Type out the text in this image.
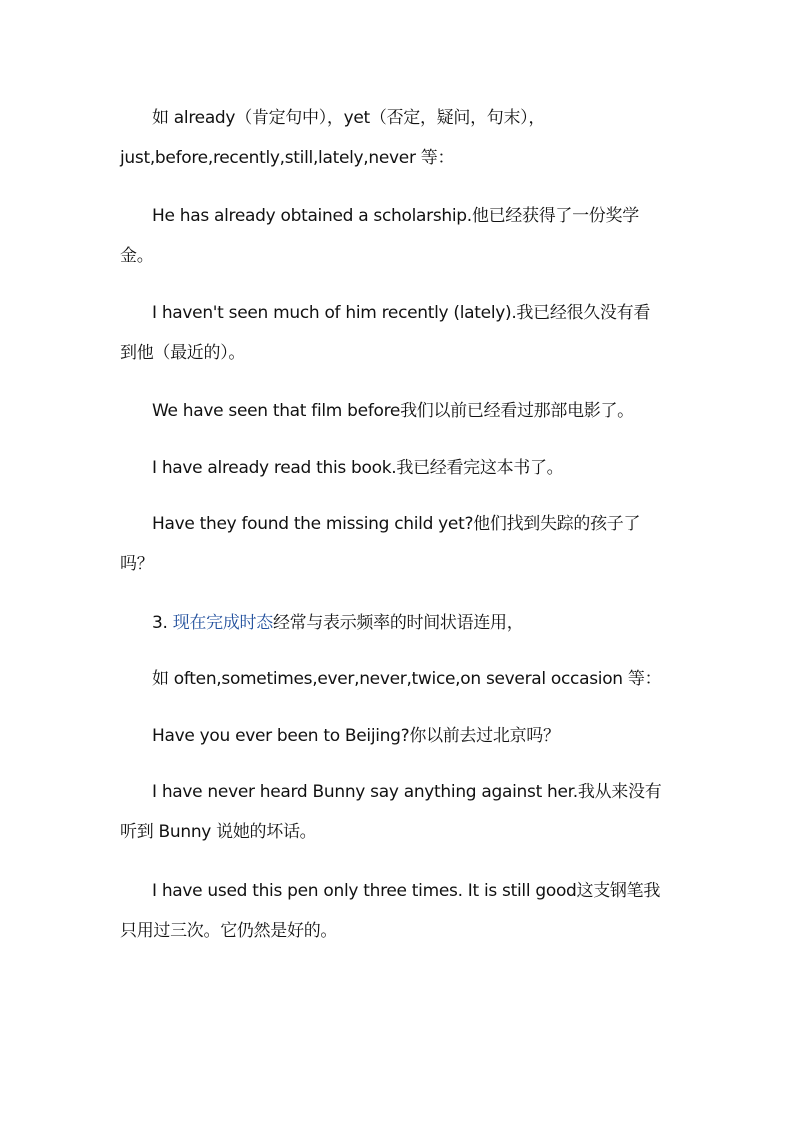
如 already（肯定句中），yet（否定，疑问，句末），
just,before,recently,still,lately,never 等：
He has already obtained a scholarship.他已经获得了一份奖学
金。
I haven't seen much of him recently (lately).我已经很久没有看
到他（最近的）。
We have seen that film before我们以前已经看过那部电影了。
I have already read this book.我已经看完这本书了。
Have they found the missing child yet?他们找到失踪的孩子了
吗？
3. 现在完成时态经常与表示频率的时间状语连用，
如 often,sometimes,ever,never,twice,on several occasion 等：
Have you ever been to Beijing?你以前去过北京吗？
I have never heard Bunny say anything against her.我从来没有
听到 Bunny 说她的坏话。
I have used this pen only three times. It is still good这支钢笔我
只用过三次。它仍然是好的。
